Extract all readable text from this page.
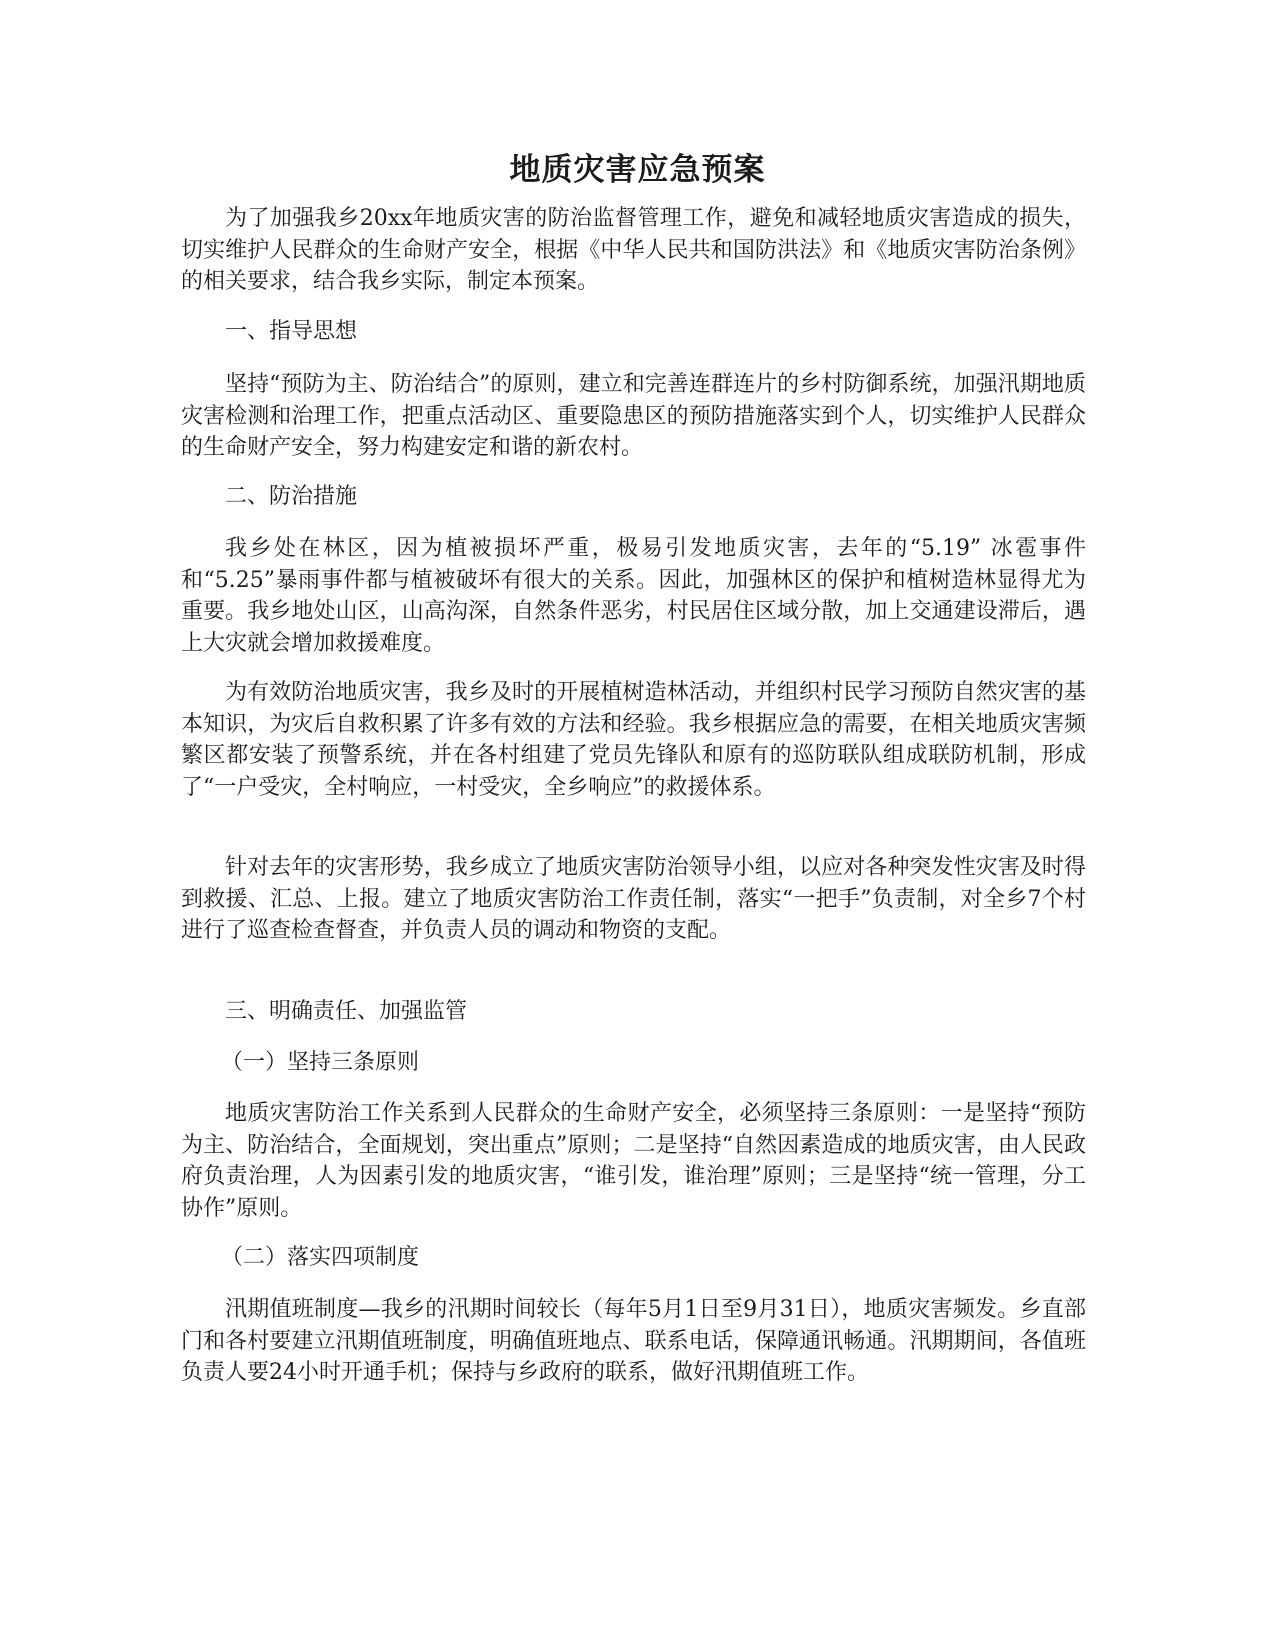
地质灾害应急预案

为了加强我乡20xx年地质灾害的防治监督管理工作，避免和减轻地质灾害造成的损失，切实维护人民群众的生命财产安全，根据《中华人民共和国防洪法》和《地质灾害防治条例》的相关要求，结合我乡实际，制定本预案。

一、指导思想

坚持“预防为主、防治结合”的原则，建立和完善连群连片的乡村防御系统，加强汛期地质灾害检测和治理工作，把重点活动区、重要隐患区的预防措施落实到个人，切实维护人民群众的生命财产安全，努力构建安定和谐的新农村。

二、防治措施

我乡处在林区，因为植被损坏严重，极易引发地质灾害，去年的“5.19” 冰雹事件和“5.25”暴雨事件都与植被破坏有很大的关系。因此，加强林区的保护和植树造林显得尤为重要。我乡地处山区，山高沟深，自然条件恶劣，村民居住区域分散，加上交通建设滞后，遇上大灾就会增加救援难度。

为有效防治地质灾害，我乡及时的开展植树造林活动，并组织村民学习预防自然灾害的基本知识，为灾后自救积累了许多有效的方法和经验。我乡根据应急的需要，在相关地质灾害频繁区都安装了预警系统，并在各村组建了党员先锋队和原有的巡防联队组成联防机制，形成了“一户受灾，全村响应，一村受灾，全乡响应”的救援体系。

针对去年的灾害形势，我乡成立了地质灾害防治领导小组，以应对各种突发性灾害及时得到救援、汇总、上报。建立了地质灾害防治工作责任制，落实“一把手”负责制，对全乡7个村进行了巡查检查督查，并负责人员的调动和物资的支配。

三、明确责任、加强监管

（一）坚持三条原则

地质灾害防治工作关系到人民群众的生命财产安全，必须坚持三条原则：一是坚持“预防为主、防治结合，全面规划，突出重点”原则；二是坚持“自然因素造成的地质灾害，由人民政府负责治理，人为因素引发的地质灾害，“谁引发，谁治理”原则；三是坚持“统一管理，分工协作”原则。

（二）落实四项制度

汛期值班制度—我乡的汛期时间较长（每年5月1日至9月31日），地质灾害频发。乡直部门和各村要建立汛期值班制度，明确值班地点、联系电话，保障通讯畅通。汛期期间，各值班负责人要24小时开通手机；保持与乡政府的联系，做好汛期值班工作。
